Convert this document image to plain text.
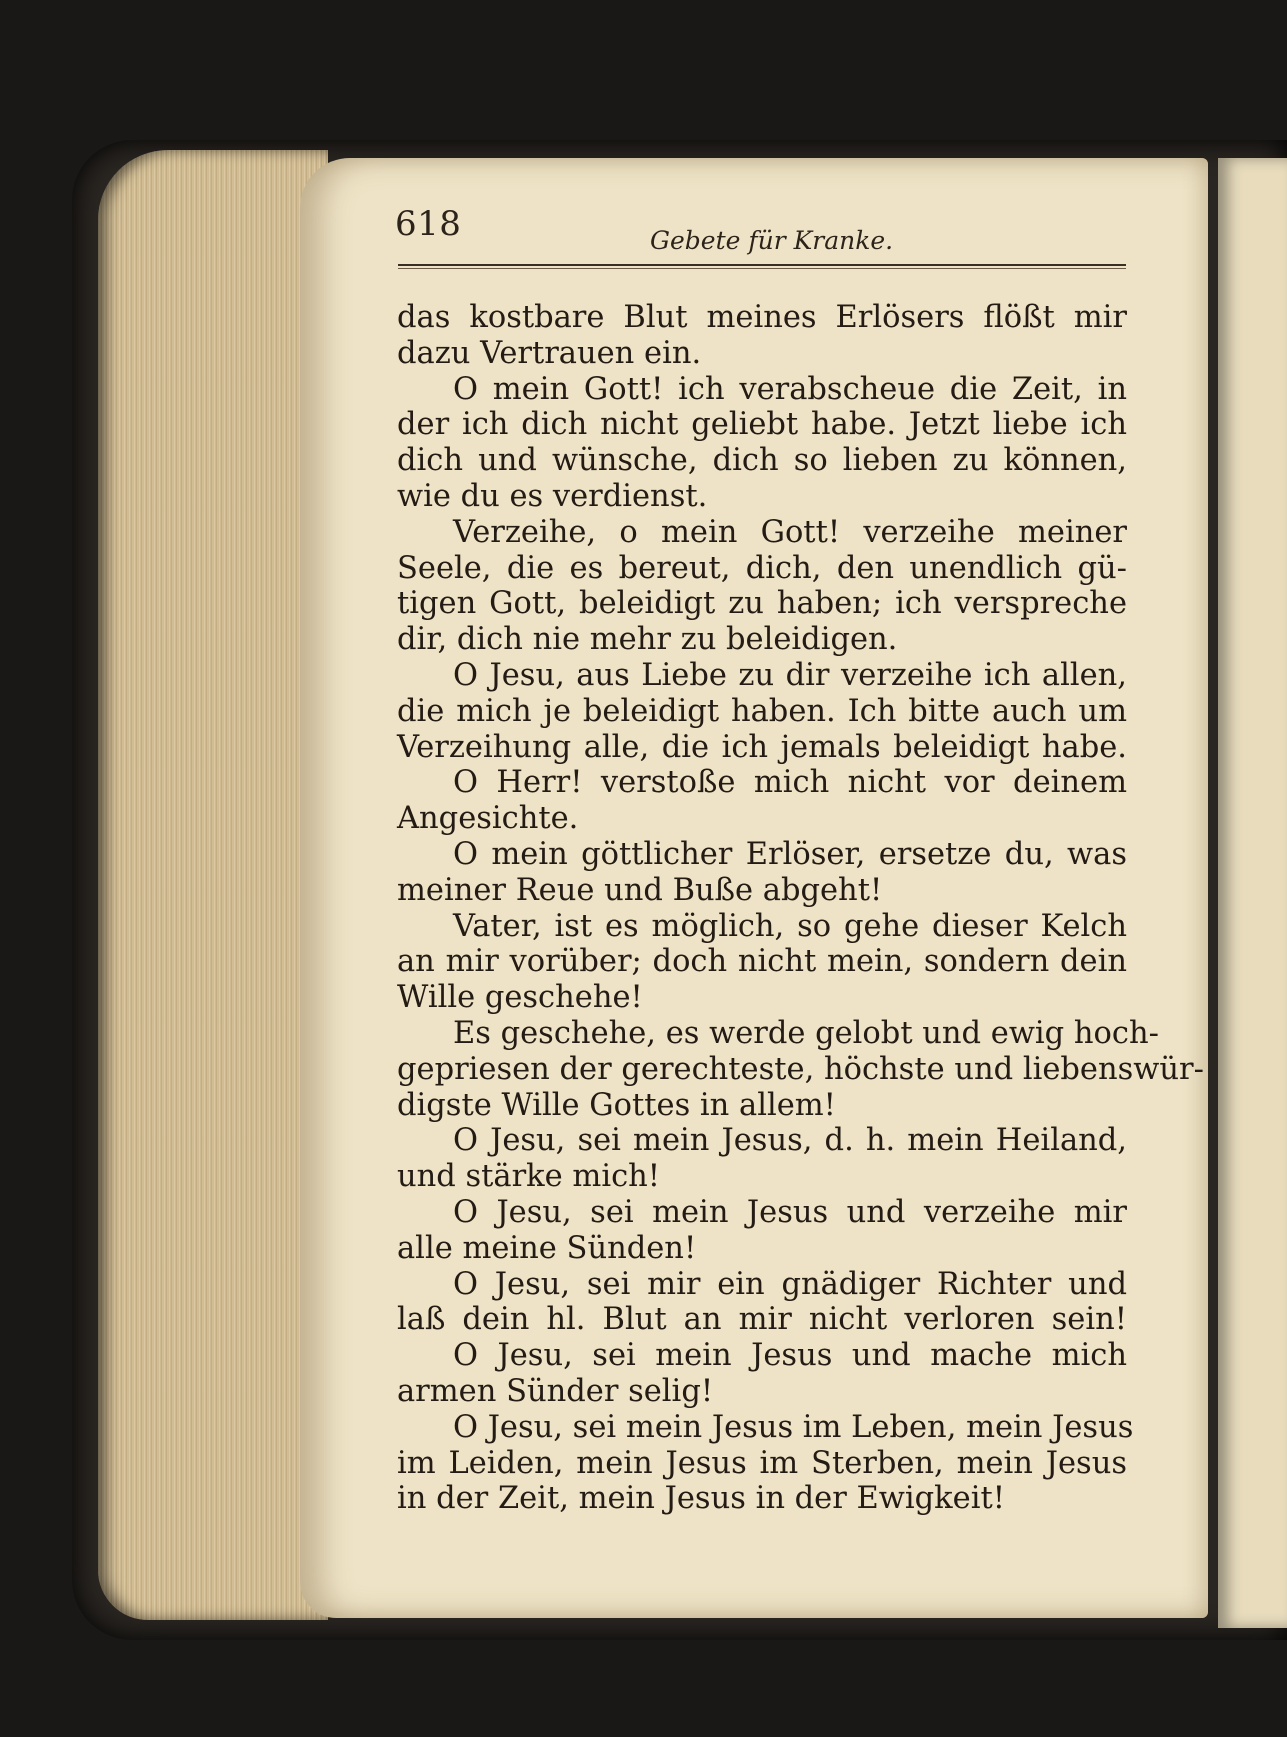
618	Gebete für Kranke.
das kostbare Blut meines Erlösers flößt mir
dazu Vertrauen ein.
O mein Gott! ich verabscheue die Zeit, in
der ich dich nicht geliebt habe. Jetzt liebe ich
dich und wünsche, dich so lieben zu können,
wie du es verdienst.
Verzeihe, o mein Gott! verzeihe meiner
Seele, die es bereut, dich, den unendlich gü-
tigen Gott, beleidigt zu haben; ich verspreche
dir, dich nie mehr zu beleidigen.
O Jesu, aus Liebe zu dir verzeihe ich allen,
die mich je beleidigt haben. Ich bitte auch um
Verzeihung alle, die ich jemals beleidigt habe.
O Herr! verstoße mich nicht vor deinem
Angesichte.
O mein göttlicher Erlöser, ersetze du, was
meiner Reue und Buße abgeht!
Vater, ist es möglich, so gehe dieser Kelch
an mir vorüber; doch nicht mein, sondern dein
Wille geschehe!
Es geschehe, es werde gelobt und ewig hoch-
gepriesen der gerechteste, höchste und liebenswür-
digste Wille Gottes in allem!
O Jesu, sei mein Jesus, d. h. mein Heiland,
und stärke mich!
O Jesu, sei mein Jesus und verzeihe mir
alle meine Sünden!
O Jesu, sei mir ein gnädiger Richter und
laß dein hl. Blut an mir nicht verloren sein!
O Jesu, sei mein Jesus und mache mich
armen Sünder selig!
O Jesu, sei mein Jesus im Leben, mein Jesus
im Leiden, mein Jesus im Sterben, mein Jesus
in der Zeit, mein Jesus in der Ewigkeit!
